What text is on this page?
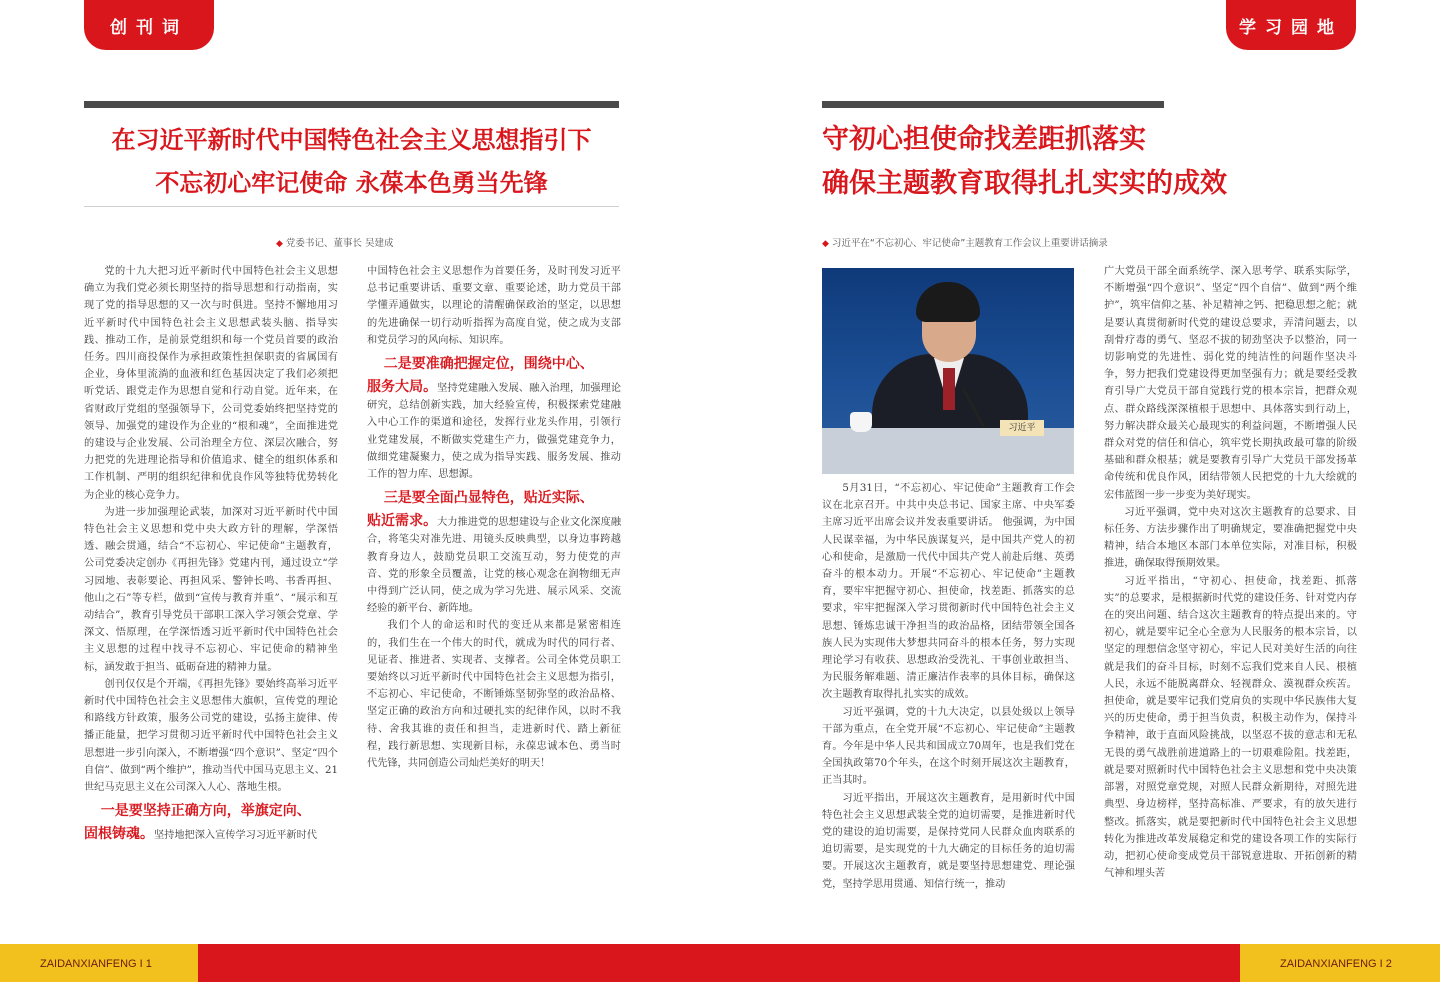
创刊词	学习园地
在习近平新时代中国特色社会主义思想指引下
不忘初心牢记使命 永葆本色勇当先锋
守初心担使命找差距抓落实
确保主题教育取得扎扎实实的成效
◆ 党委书记、董事长 吴建成	◆ 习近平在“不忘初心、牢记使命”主题教育工作会议上重要讲话摘录

党的十九大把习近平新时代中国特色社会主义思想确立为我们党必须长期坚持的指导思想和行动指南，实现了党的指导思想的又一次与时俱进。坚持不懈地用习近平新时代中国特色社会主义思想武装头脑、指导实践、推动工作，是前景党组织和每一个党员首要的政治任务。四川商投保作为承担政策性担保职责的省属国有企业，身体里流淌的血液和红色基因决定了我们必须把听党话、跟党走作为思想自觉和行动自觉。近年来，在省财政厅党组的坚强领导下，公司党委始终把坚持党的领导、加强党的建设作为企业的“根和魂”，全面推进党的建设与企业发展、公司治理全方位、深层次融合，努力把党的先进理论指导和价值追求、健全的组织体系和工作机制、严明的组织纪律和优良作风等独特优势转化为企业的核心竞争力。

为进一步加强理论武装，加深对习近平新时代中国特色社会主义思想和党中央大政方针的理解，学深悟透、融会贯通，结合“不忘初心、牢记使命”主题教育，公司党委决定创办《再担先锋》党建内刊，通过设立“学习园地、表彰要论、再担风采、警钟长鸣、书香再担、他山之石”等专栏，做到“宣传与教育并重”、“展示和互动结合”，教育引导党员干部职工深入学习领会党章、学深文、悟原理，在学深悟透习近平新时代中国特色社会主义思想的过程中找寻不忘初心、牢记使命的精神坐标，涵发敢于担当、砥砺奋进的精神力量。

创刊仅仅是个开端，《再担先锋》要始终高举习近平新时代中国特色社会主义思想伟大旗帜，宣传党的理论和路线方针政策，服务公司党的建设，弘扬主旋律、传播正能量，把学习贯彻习近平新时代中国特色社会主义思想进一步引向深入，不断增强“四个意识”、坚定“四个自信”、做到“两个维护”，推动当代中国马克思主义、21世纪马克思主义在公司深入人心、落地生根。

一是要坚持正确方向，举旗定向、

固根铸魂。坚持地把深入宣传学习习近平新时代

中国特色社会主义思想作为首要任务，及时刊发习近平总书记重要讲话、重要文章、重要论述，助力党员干部学懂弄通做实，以理论的清醒确保政治的坚定，以思想的先进确保一切行动听指挥为高度自觉，使之成为支部和党员学习的风向标、知识库。

二是要准确把握定位，围绕中心、

服务大局。坚持党建融入发展、融入治理，加强理论研究，总结创新实践，加大经验宣传，积极探索党建融入中心工作的渠道和途径，发挥行业龙头作用，引领行业党建发展，不断做实党建生产力，做强党建竞争力，做细党建凝聚力，使之成为指导实践、服务发展、推动工作的智力库、思想源。

三是要全面凸显特色，贴近实际、

贴近需求。大力推进党的思想建设与企业文化深度融合，将笔尖对准先进、用镜头反映典型，以身边事跨越教育身边人，鼓励党员职工交流互动，努力使党的声音、党的形象全员覆盖，让党的核心观念在润物细无声中得到广泛认同，使之成为学习先进、展示风采、交流经验的新平台、新阵地。

我们个人的命运和时代的变迁从来都是紧密相连的，我们生在一个伟大的时代，就成为时代的同行者、见证者、推进者、实现者、支撑者。公司全体党员职工要始终以习近平新时代中国特色社会主义思想为指引，不忘初心、牢记使命，不断锤炼坚韧弥坚的政治品格、坚定正确的政治方向和过硬扎实的纪律作风，以时不我待、舍我其谁的责任和担当，走进新时代、踏上新征程，践行新思想、实现新目标，永葆忠诚本色、勇当时代先锋，共同创造公司灿烂美好的明天！

习近平

5月31日，“不忘初心、牢记使命”主题教育工作会议在北京召开。中共中央总书记、国家主席、中央军委主席习近平出席会议并发表重要讲话。 他强调，为中国人民谋幸福，为中华民族谋复兴，是中国共产党人的初心和使命，是激励一代代中国共产党人前赴后继、英勇奋斗的根本动力。开展“不忘初心、牢记使命”主题教育，要牢牢把握守初心、担使命，找差距、抓落实的总要求，牢牢把握深入学习贯彻新时代中国特色社会主义思想、锤炼忠诚干净担当的政治品格，团结带领全国各族人民为实现伟大梦想共同奋斗的根本任务，努力实现理论学习有收获、思想政治受洗礼、干事创业敢担当、为民服务解难题、清正廉洁作表率的具体目标，确保这次主题教育取得扎扎实实的成效。

习近平强调，党的十九大决定，以县处级以上领导干部为重点，在全党开展“不忘初心、牢记使命”主题教育。今年是中华人民共和国成立70周年，也是我们党在全国执政第70个年头，在这个时刻开展这次主题教育，正当其时。

习近平指出，开展这次主题教育，是用新时代中国特色社会主义思想武装全党的迫切需要，是推进新时代党的建设的迫切需要，是保持党同人民群众血肉联系的迫切需要，是实现党的十九大确定的目标任务的迫切需要。开展这次主题教育，就是要坚持思想建党、理论强党，坚持学思用贯通、知信行统一，推动

广大党员干部全面系统学、深入思考学、联系实际学，不断增强“四个意识”、坚定“四个自信”、做到“两个维护”，筑牢信仰之基、补足精神之钙、把稳思想之舵；就是要认真贯彻新时代党的建设总要求，弄清问题去，以刮骨疗毒的勇气、坚忍不拔的韧劲坚决予以整治，同一切影响党的先进性、弱化党的纯洁性的问题作坚决斗争，努力把我们党建设得更加坚强有力；就是要经受教育引导广大党员干部自觉践行党的根本宗旨，把群众观点、群众路线深深植根于思想中、具体落实到行动上，努力解决群众最关心最现实的利益问题，不断增强人民群众对党的信任和信心，筑牢党长期执政最可靠的阶级基础和群众根基；就是要教育引导广大党员干部发扬革命传统和优良作风，团结带领人民把党的十九大绘就的宏伟蓝图一步一步变为美好现实。

习近平强调，党中央对这次主题教育的总要求、目标任务、方法步骤作出了明确规定，要准确把握党中央精神，结合本地区本部门本单位实际，对准目标，积极推进，确保取得预期效果。

习近平指出，“守初心、担使命，找差距、抓落实”的总要求，是根据新时代党的建设任务、针对党内存在的突出问题、结合这次主题教育的特点提出来的。守初心，就是要牢记全心全意为人民服务的根本宗旨，以坚定的理想信念坚守初心，牢记人民对美好生活的向往就是我们的奋斗目标，时刻不忘我们党来自人民、根植人民，永远不能脱离群众、轻视群众、漠视群众疾苦。担使命，就是要牢记我们党肩负的实现中华民族伟大复兴的历史使命，勇于担当负责，积极主动作为，保持斗争精神，敢于直面风险挑战，以坚忍不拔的意志和无私无畏的勇气战胜前进道路上的一切艰难险阻。找差距，就是要对照新时代中国特色社会主义思想和党中央决策部署，对照党章党规，对照人民群众新期待，对照先进典型、身边榜样，坚持高标准、严要求，有的放矢进行整改。抓落实，就是要把新时代中国特色社会主义思想转化为推进改革发展稳定和党的建设各项工作的实际行动，把初心使命变成党员干部锐意进取、开拓创新的精气神和埋头苦

ZAIDANXIANFENG I 1	ZAIDANXIANFENG I 2
